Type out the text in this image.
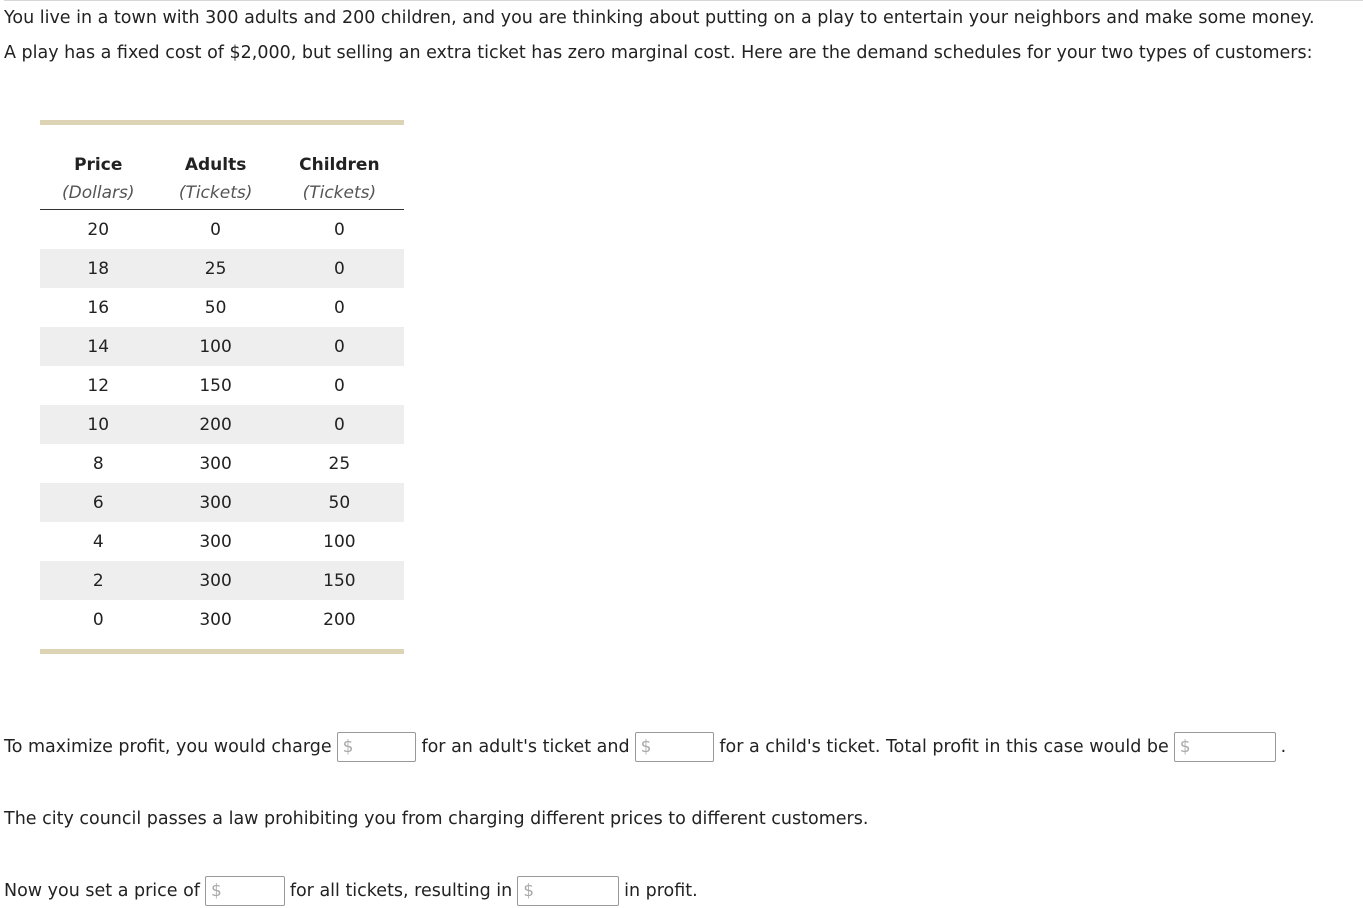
You live in a town with 300 adults and 200 children, and you are thinking about putting on a play to entertain your neighbors and make some money.

A play has a fixed cost of $2,000, but selling an extra ticket has zero marginal cost. Here are the demand schedules for your two types of customers:

Price	Adults	Children
(Dollars)	(Tickets)	(Tickets)
20	0	0
18	25	0
16	50	0
14	100	0
12	150	0
10	200	0
8	300	25
6	300	50
4	300	100
2	300	150
0	300	200
To maximize profit, you would charge $	for an adult's ticket and $	for a child's ticket. Total profit in this case would be $	.
The city council passes a law prohibiting you from charging different prices to different customers.
Now you set a price of $	for all tickets, resulting in $	in profit.
